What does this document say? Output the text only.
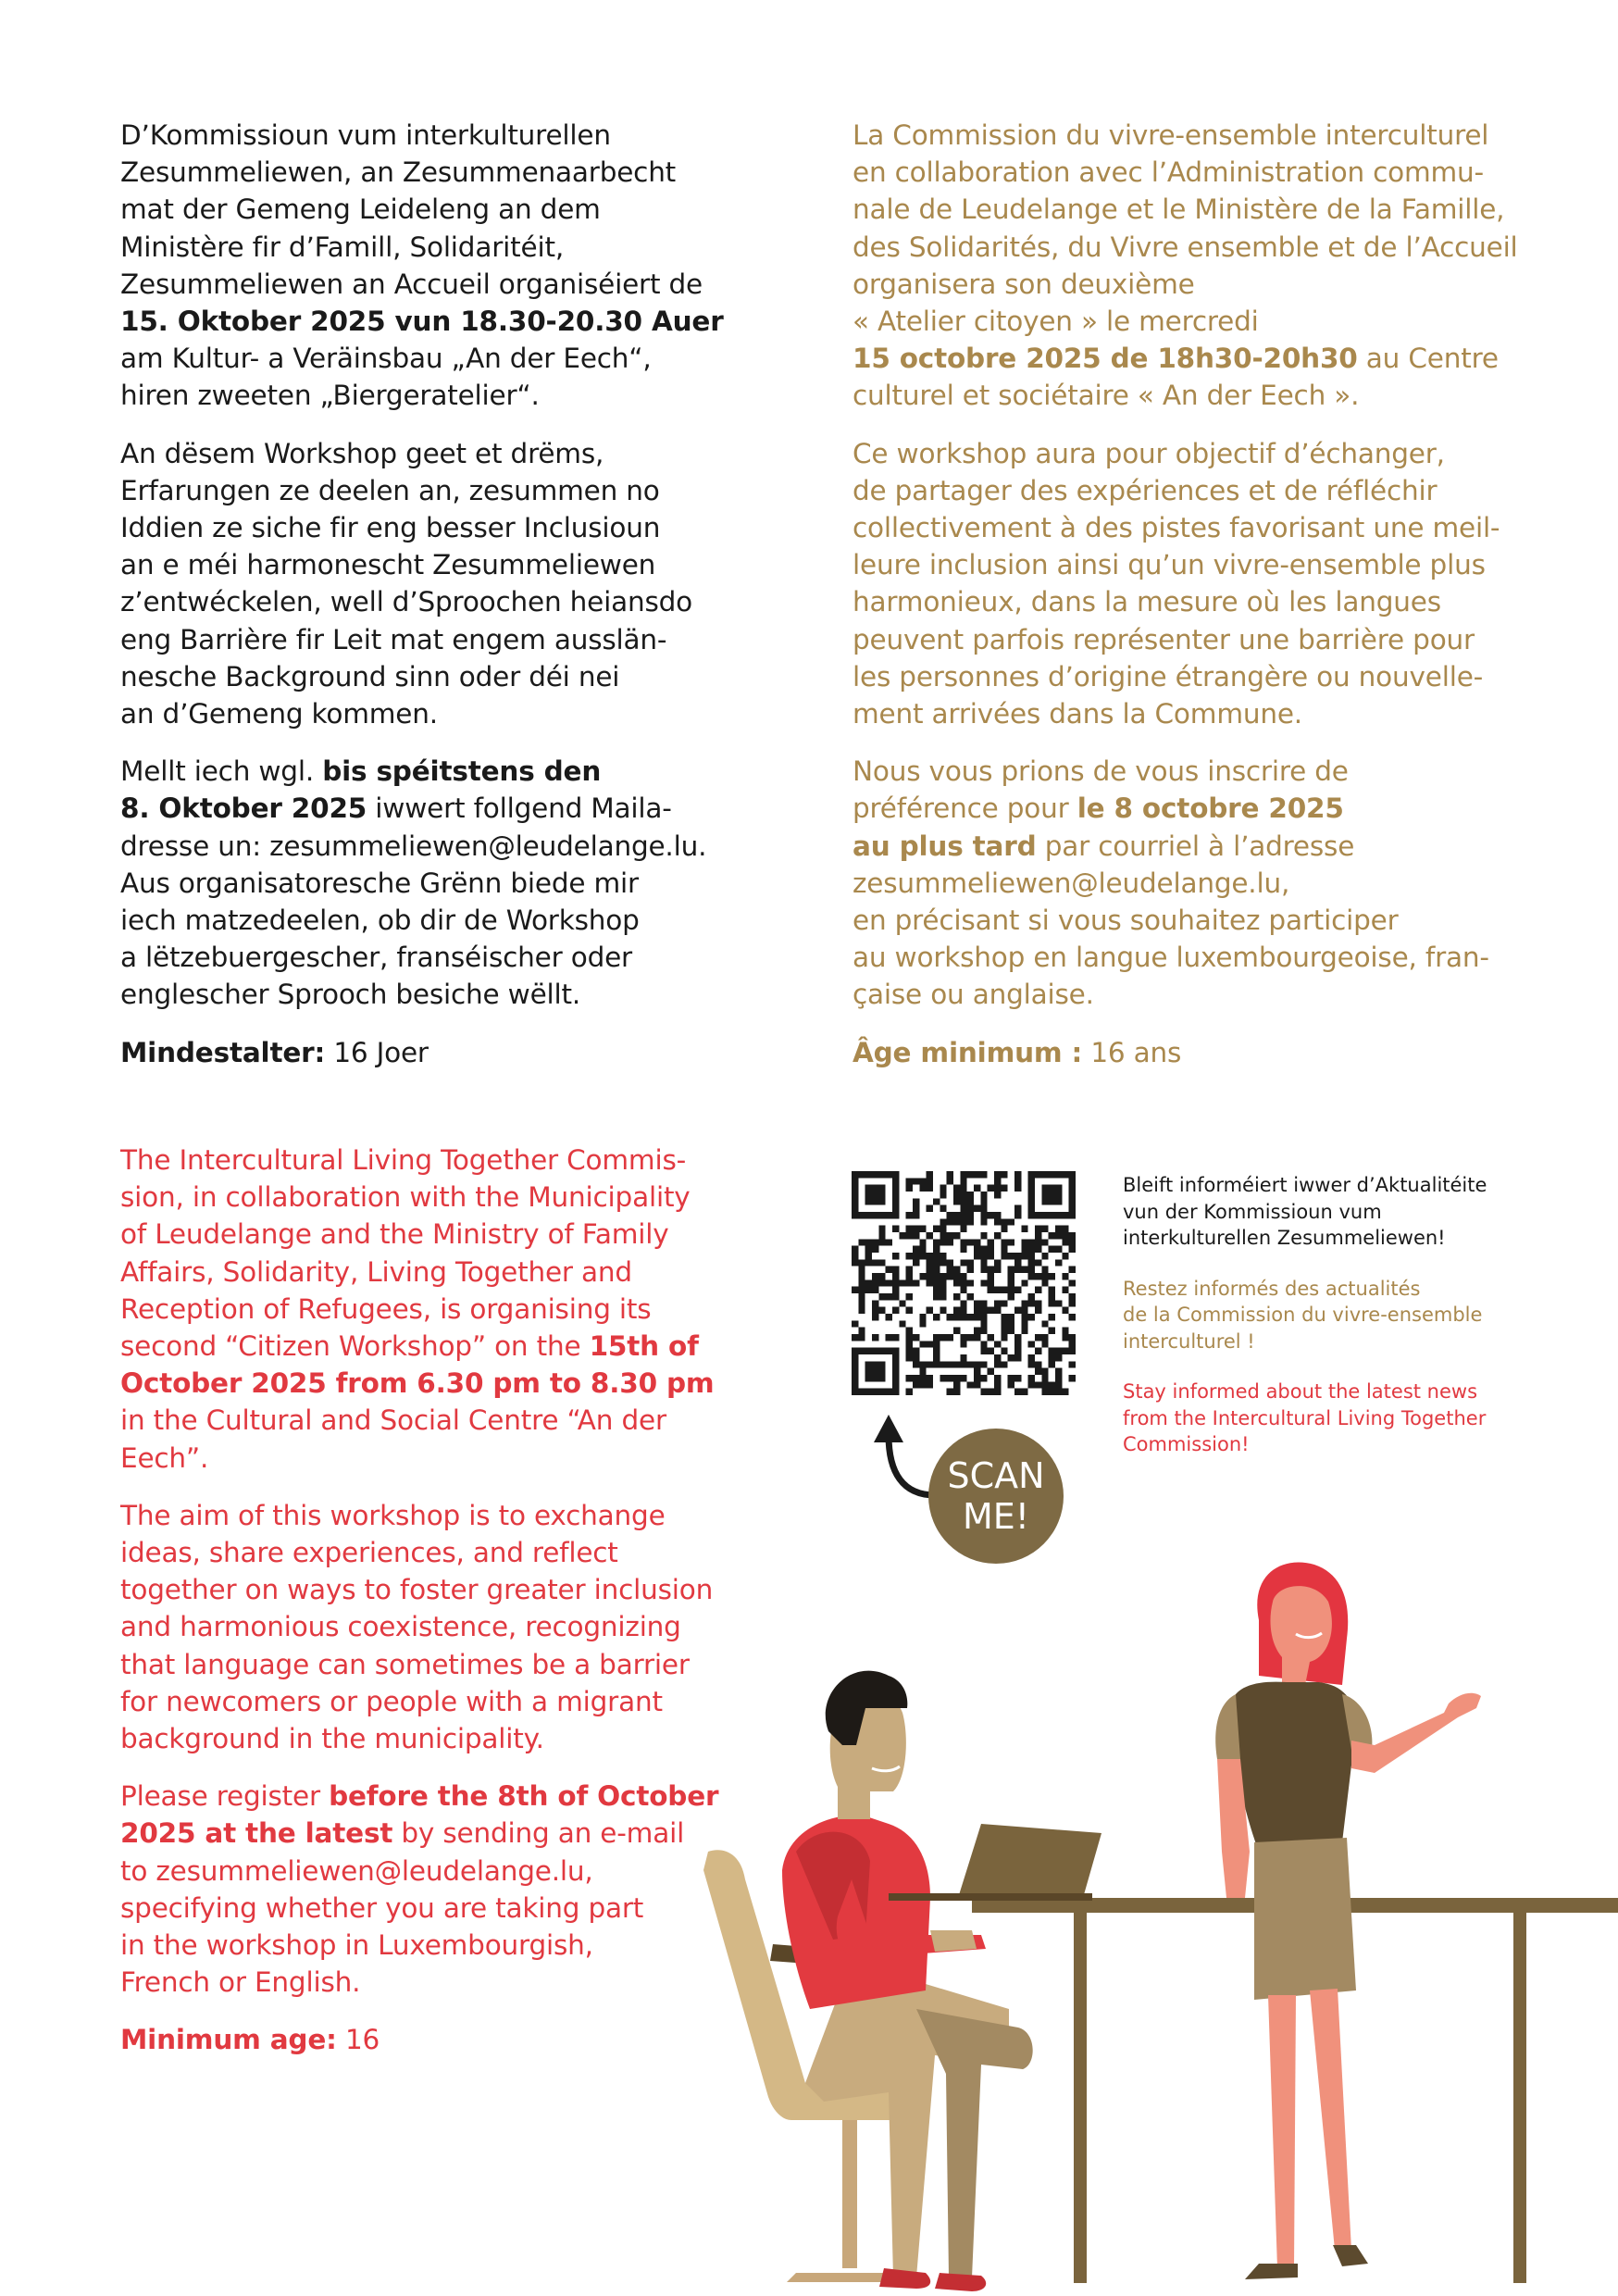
D’Kommissioun vum interkulturellen
Zesummeliewen, an Zesummenaarbecht
mat der Gemeng Leideleng an dem
Ministère fir d’Famill, Solidaritéit,
Zesummeliewen an Accueil organiséiert de
15. Oktober 2025 vun 18.30-20.30 Auer
am Kultur- a Veräinsbau „An der Eech“,
hiren zweeten „Biergeratelier“.

An dësem Workshop geet et drëms,
Erfarungen ze deelen an, zesummen no
Iddien ze siche fir eng besser Inclusioun
an e méi harmonescht Zesummeliewen
z’entwéckelen, well d’Sproochen heiansdo
eng Barrière fir Leit mat engem ausslän-
nesche Background sinn oder déi nei
an d’Gemeng kommen.

Mellt iech wgl. bis spéitstens den
8. Oktober 2025 iwwert follgend Maila-
dresse un: zesummeliewen@leudelange.lu.
Aus organisatoresche Grënn biede mir
iech matzedeelen, ob dir de Workshop
a lëtzebuergescher, franséischer oder
englescher Sprooch besiche wëllt.

Mindestalter: 16 Joer

La Commission du vivre-ensemble interculturel
en collaboration avec l’Administration commu-
nale de Leudelange et le Ministère de la Famille,
des Solidarités, du Vivre ensemble et de l’Accueil
organisera son deuxième
« Atelier citoyen » le mercredi
15 octobre 2025 de 18h30-20h30 au Centre
culturel et sociétaire « An der Eech ».

Ce workshop aura pour objectif d’échanger,
de partager des expériences et de réfléchir
collectivement à des pistes favorisant une meil-
leure inclusion ainsi qu’un vivre-ensemble plus
harmonieux, dans la mesure où les langues
peuvent parfois représenter une barrière pour
les personnes d’origine étrangère ou nouvelle-
ment arrivées dans la Commune.

Nous vous prions de vous inscrire de
préférence pour le 8 octobre 2025
au plus tard par courriel à l’adresse
zesummeliewen@leudelange.lu,
en précisant si vous souhaitez participer
au workshop en langue luxembourgeoise, fran-
çaise ou anglaise.

Âge minimum : 16 ans

The Intercultural Living Together Commis-
sion, in collaboration with the Municipality
of Leudelange and the Ministry of Family
Affairs, Solidarity, Living Together and
Reception of Refugees, is organising its
second “Citizen Workshop” on the 15th of
October 2025 from 6.30 pm to 8.30 pm
in the Cultural and Social Centre “An der
Eech”.

The aim of this workshop is to exchange
ideas, share experiences, and reflect
together on ways to foster greater inclusion
and harmonious coexistence, recognizing
that language can sometimes be a barrier
for newcomers or people with a migrant
background in the municipality.

Please register before the 8th of October
2025 at the latest by sending an e-mail
to zesummeliewen@leudelange.lu,
specifying whether you are taking part
in the workshop in Luxembourgish,
French or English.

Minimum age: 16

Bleift informéiert iwwer d’Aktualitéite
vun der Kommissioun vum
interkulturellen Zesummeliewen!

Restez informés des actualités
de la Commission du vivre-ensemble
interculturel !

Stay informed about the latest news
from the Intercultural Living Together
Commission!

SCAN
ME!
